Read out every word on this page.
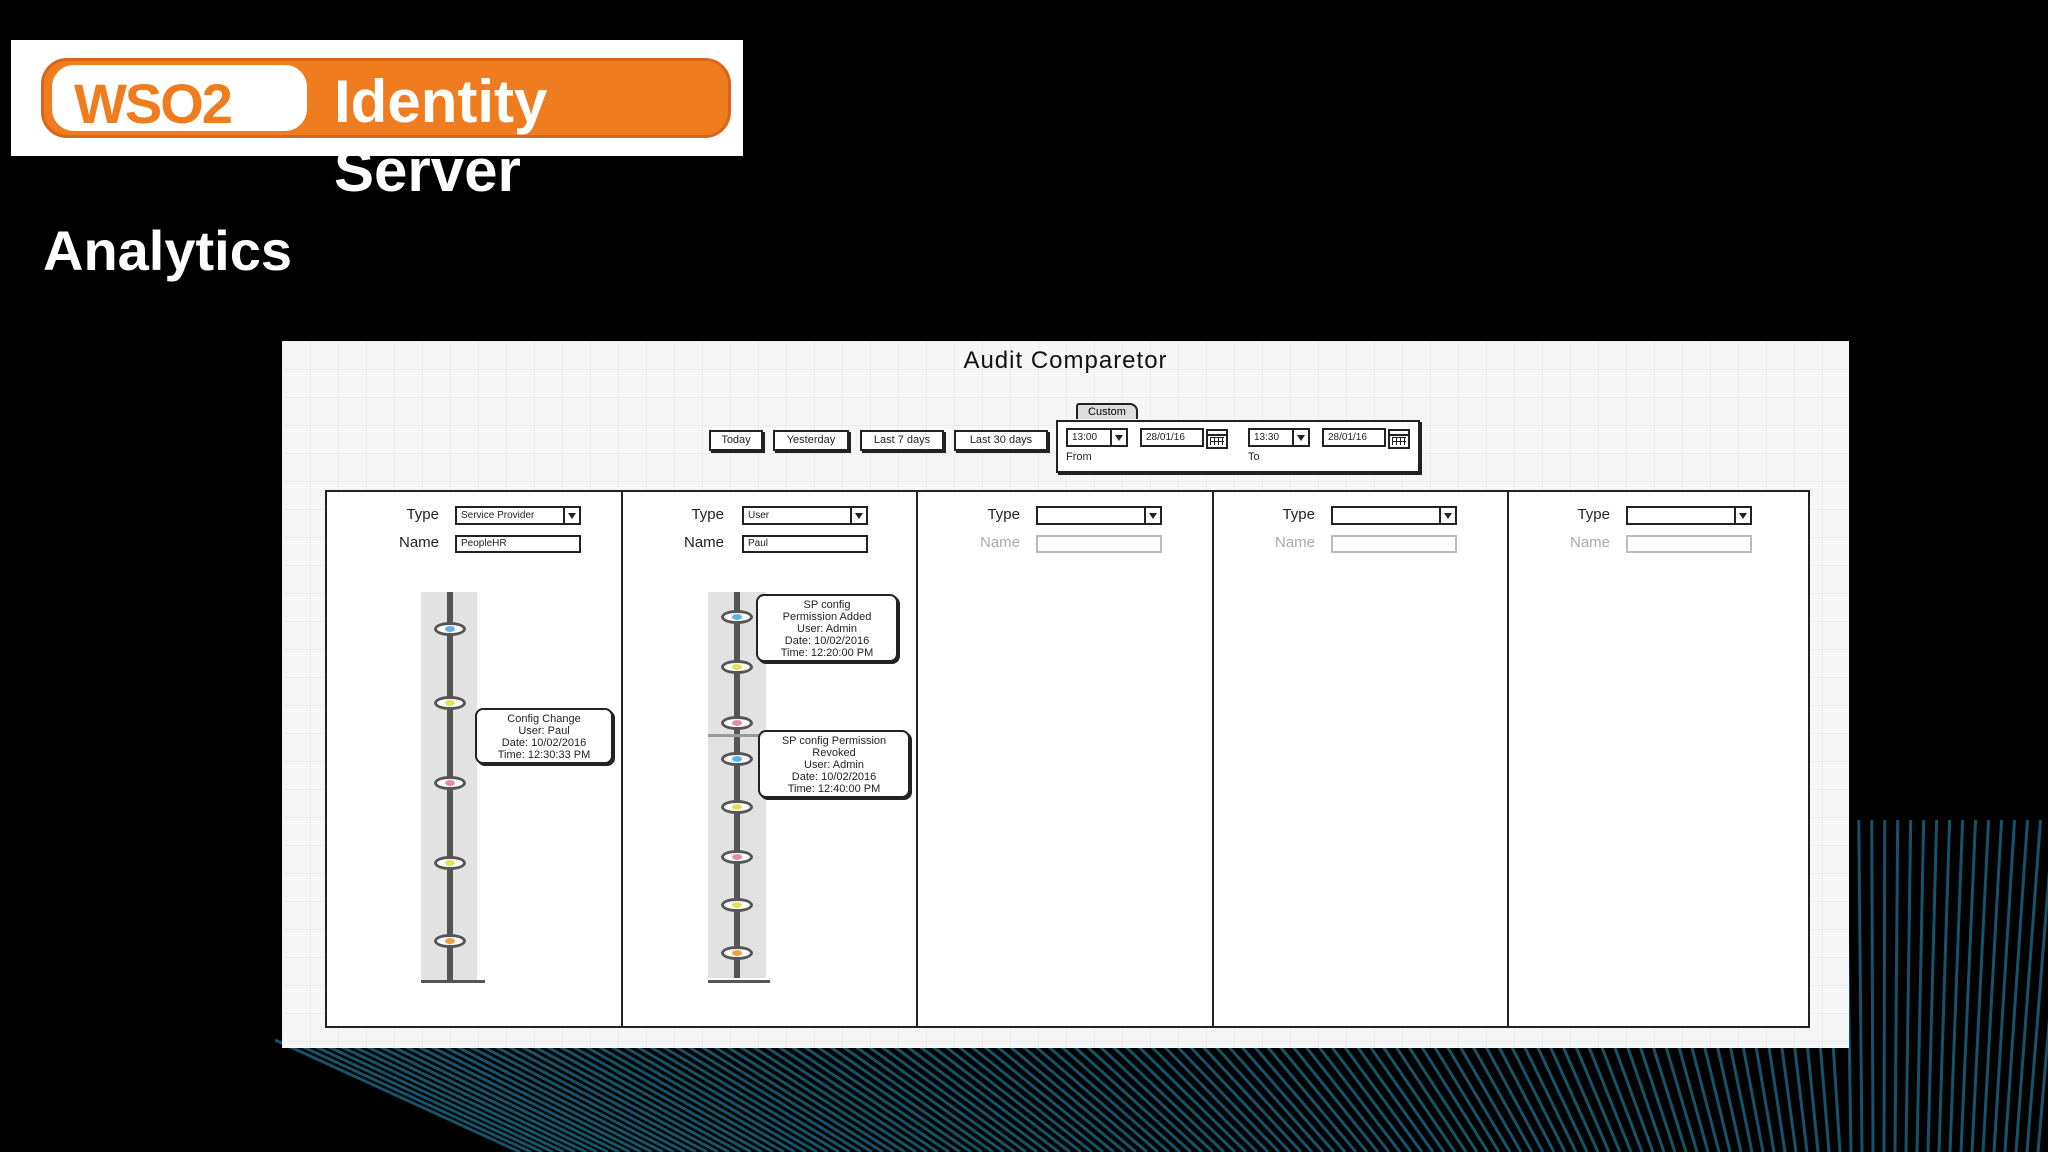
WSO2 Identity Server
Analytics
Audit Comparetor
Today	Yesterday	Last 7 days	Last 30 days
Custom
13:00	28/01/16
From
13:30	28/01/16
To
Type	Service Provider
Name	PeopleHR
Config Change
User: Paul
Date: 10/02/2016
Time: 12:30:33 PM
Type	User
Name	Paul
SP config
Permission Added
User: Admin
Date: 10/02/2016
Time: 12:20:00 PM
SP config Permission
Revoked
User: Admin
Date: 10/02/2016
Time: 12:40:00 PM
Type
Name
Type
Name
Type
Name
